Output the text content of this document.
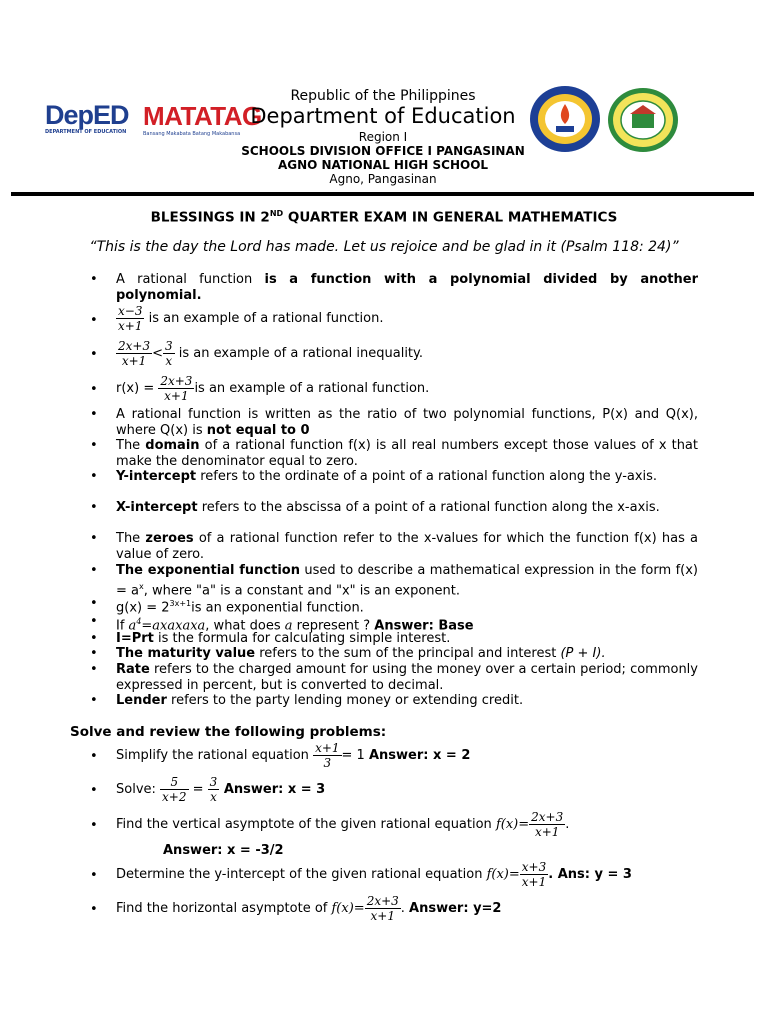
DepED
DEPARTMENT OF EDUCATION
MATATAG
Bansang Makabata Batang Makabansa
Republic of the Philippines
Department of Education
Region I
SCHOOLS DIVISION OFFICE I PANGASINAN
AGNO NATIONAL HIGH SCHOOL
Agno, Pangasinan
BLESSINGS IN 2ND QUARTER EXAM IN GENERAL MATHEMATICS
“This is the day the Lord has made. Let us rejoice and be glad in it (Psalm 118: 24)”
• A rational function is a function with a polynomial divided by another polynomial.
• $\frac{x-3}{x+1}$ is an example of a rational function.
• $\frac{2x+3}{x+1} < \frac{3}{x}$ is an example of a rational inequality.
• $r(x) = \frac{2x+3}{x+1}$ is an example of a rational function.
• A rational function is written as the ratio of two polynomial functions, P(x) and Q(x), where Q(x) is not equal to 0
• The domain of a rational function f(x) is all real numbers except those values of x that make the denominator equal to zero.
• Y-intercept refers to the ordinate of a point of a rational function along the y-axis.
• X-intercept refers to the abscissa of a point of a rational function along the x-axis.
• The zeroes of a rational function refer to the x-values for which the function f(x) has a value of zero.
• The exponential function used to describe a mathematical expression in the form $f(x) = a^x$, where "a" is a constant and "x" is an exponent.
• $g(x) = 2^{3x+1}is$ an exponential function.
• If $a^4=axaxaxa$, what does a represent ? Answer: Base
• I=Prt is the formula for calculating simple interest.
• The maturity value refers to the sum of the principal and interest (P + I).
• Rate refers to the charged amount for using the money over a certain period; commonly expressed in percent, but is converted to decimal.
• Lender refers to the party lending money or extending credit.
Solve and review the following problems:
• Simplify the rational equation $\frac{x+1}{3} = 1$ Answer: x = 2
• Solve: $\frac{5}{x+2} = \frac{3}{x}$ Answer: x = 3
• Find the vertical asymptote of the given rational equation $f(x)= \frac{2x+3}{x+1}$ .
Answer: x = -3/2
• Determine the y-intercept of the given rational equation $f(x)= \frac{x+3}{x+1}$ . Ans: y = 3
• Find the horizontal asymptote of $f(x)= \frac{2x+3}{x+1}$ . Answer: y=2
